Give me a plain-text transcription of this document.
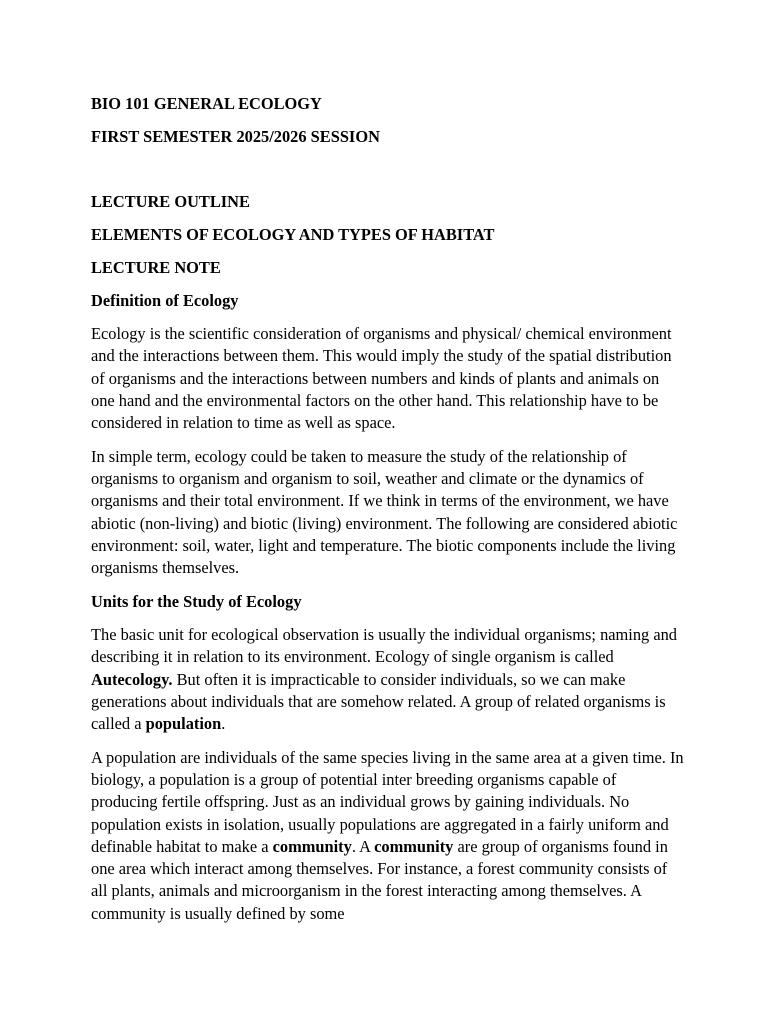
BIO 101 GENERAL ECOLOGY
FIRST SEMESTER 2025/2026 SESSION
LECTURE OUTLINE
ELEMENTS OF ECOLOGY AND TYPES OF HABITAT
LECTURE NOTE
Definition of Ecology

Ecology is the scientific consideration of organisms and physical/ chemical environment and the interactions between them. This would imply the study of the spatial distribution of organisms and the interactions between numbers and kinds of plants and animals on one hand and the environmental factors on the other hand. This relationship have to be considered in relation to time as well as space.

In simple term, ecology could be taken to measure the study of the relationship of organisms to organism and organism to soil, weather and climate or the dynamics of organisms and their total environment. If we think in terms of the environment, we have abiotic (non-living) and biotic (living) environment. The following are considered abiotic environment: soil, water, light and temperature. The biotic components include the living organisms themselves.

Units for the Study of Ecology

The basic unit for ecological observation is usually the individual organisms; naming and describing it in relation to its environment. Ecology of single organism is called Autecology. But often it is impracticable to consider individuals, so we can make generations about individuals that are somehow related. A group of related organisms is called a population.

A population are individuals of the same species living in the same area at a given time. In biology, a population is a group of potential inter breeding organisms capable of producing fertile offspring. Just as an individual grows by gaining individuals. No population exists in isolation, usually populations are aggregated in a fairly uniform and definable habitat to make a community. A community are group of organisms found in one area which interact among themselves. For instance, a forest community consists of all plants, animals and microorganism in the forest interacting among themselves. A community is usually defined by some
